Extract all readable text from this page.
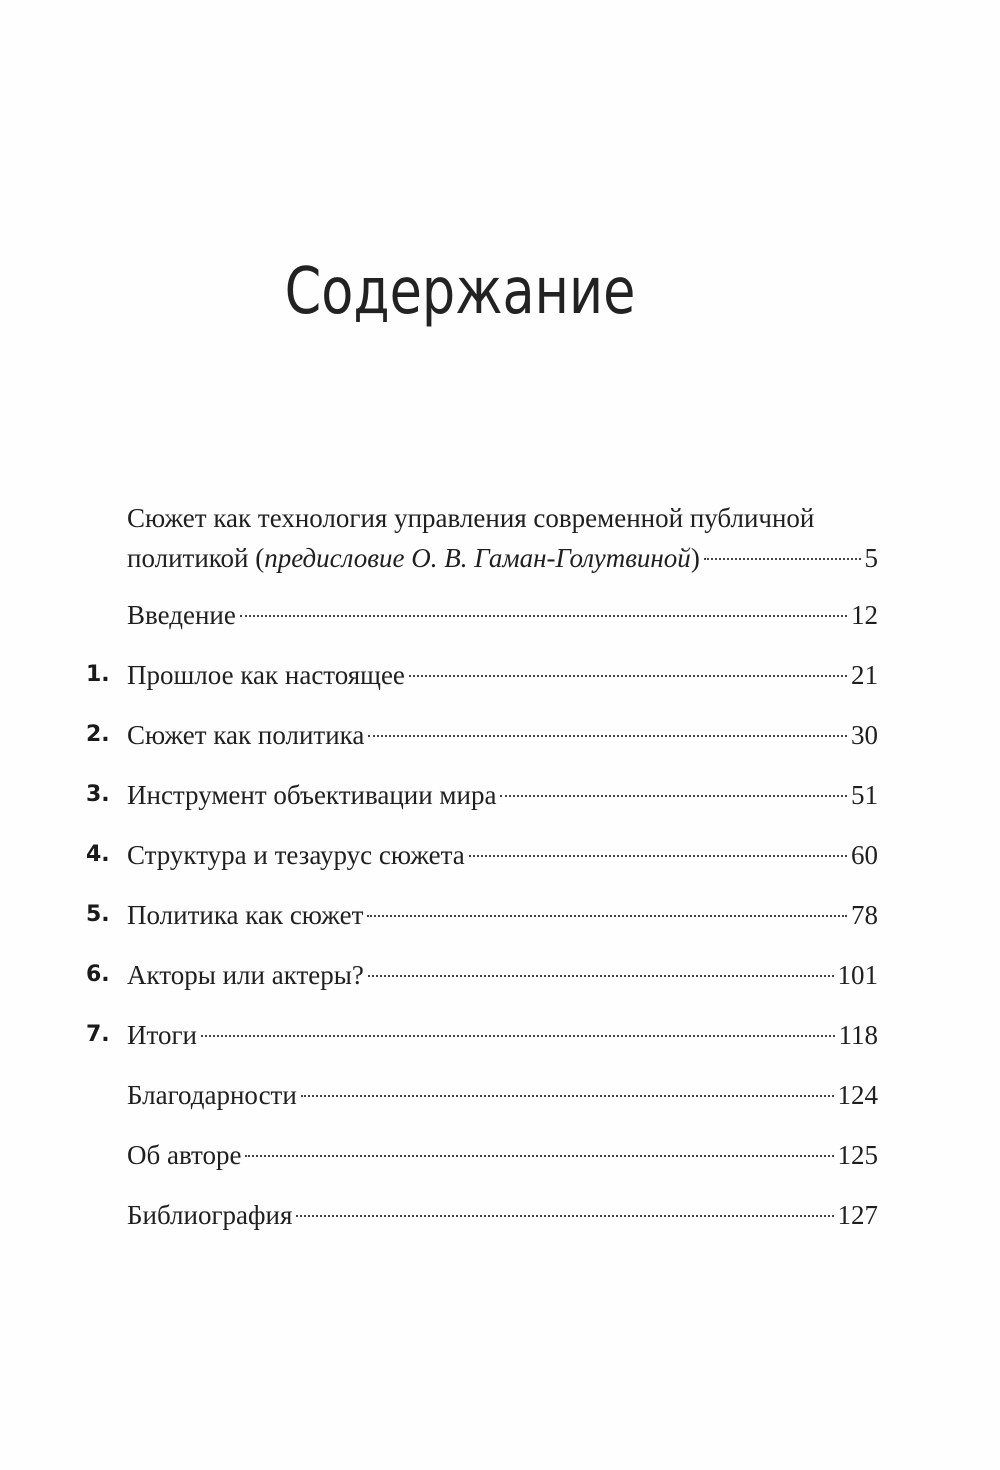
Содержание
Сюжет как технология управления современной публичной
политикой (предисловие О. В. Гаман-Голутвиной)	5
Введение	12
1. Прошлое как настоящее	21
2. Сюжет как политика	30
3. Инструмент объективации мира	51
4. Структура и тезаурус сюжета	60
5. Политика как сюжет	78
6. Акторы или актеры?	101
7. Итоги	118
Благодарности	124
Об авторе	125
Библиография	127
